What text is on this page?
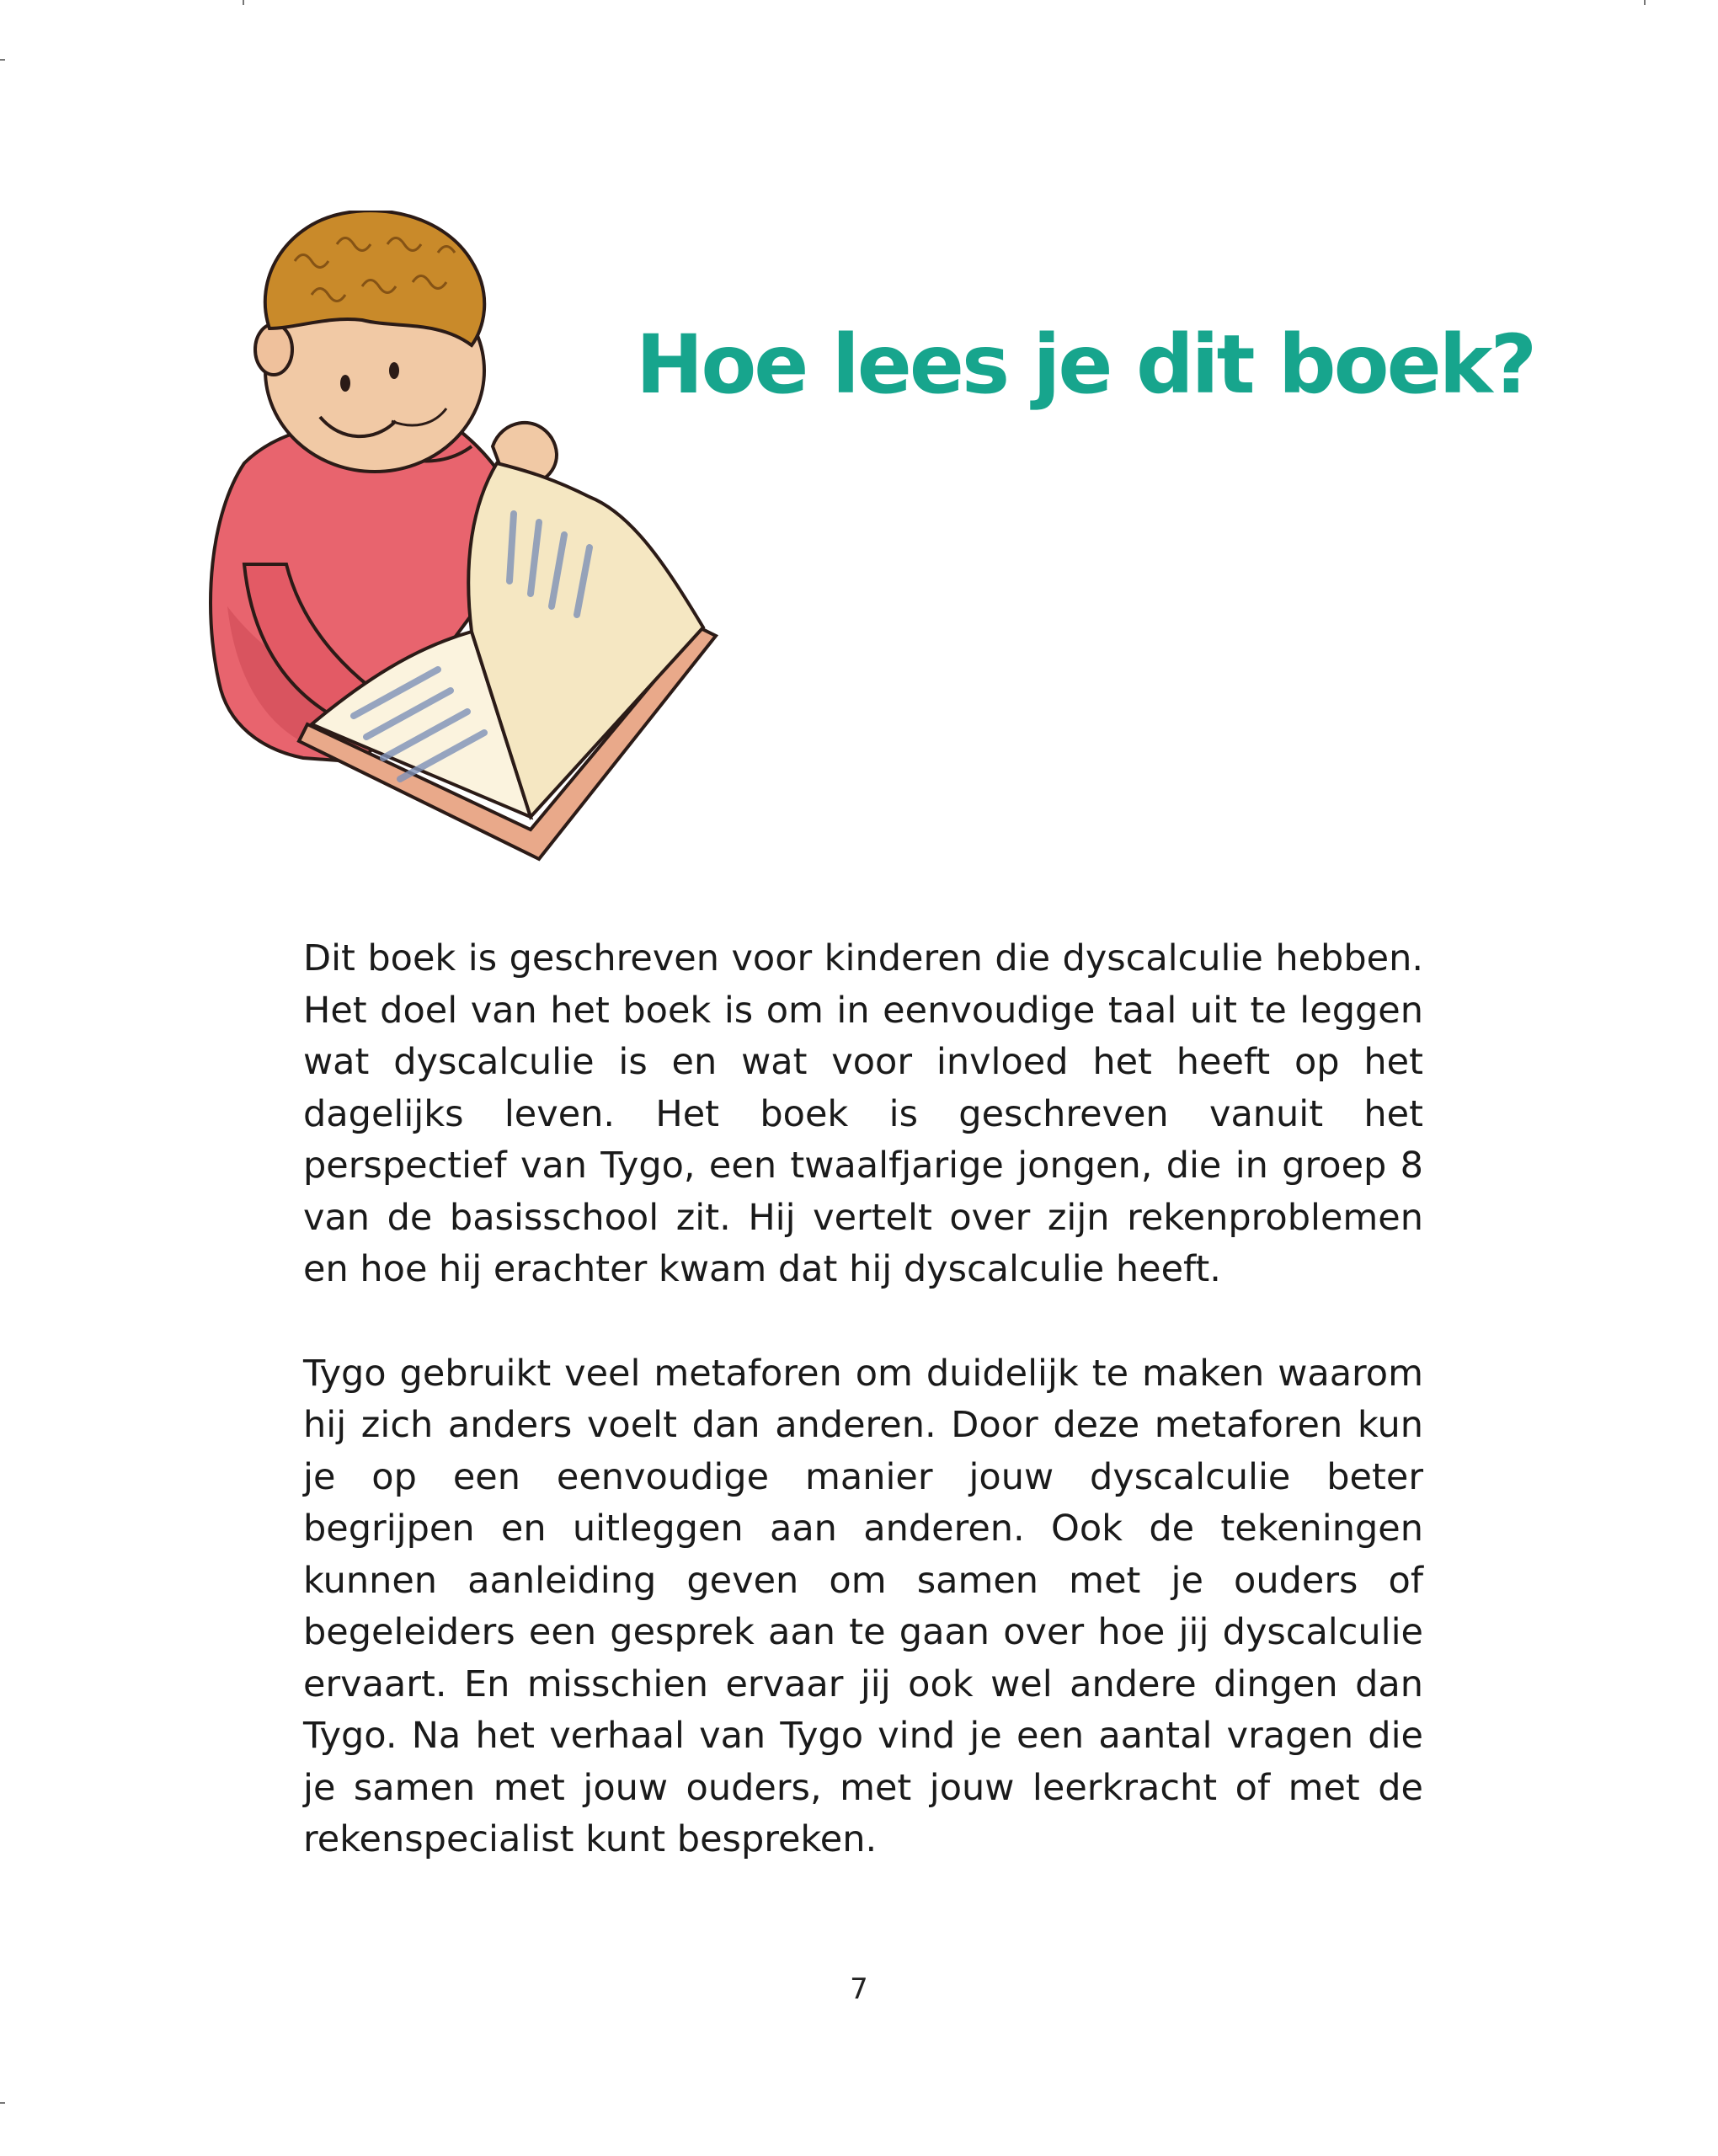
Hoe lees je dit boek?

Dit boek is geschreven voor kinderen die dyscalculie hebben. Het doel van het boek is om in eenvoudige taal uit te leggen wat dyscalculie is en wat voor invloed het heeft op het dagelijks leven. Het boek is geschreven vanuit het perspectief van Tygo, een twaalfjarige jongen, die in groep 8 van de basisschool zit. Hij vertelt over zijn rekenproblemen en hoe hij erachter kwam dat hij dyscalculie heeft.

Tygo gebruikt veel metaforen om duidelijk te maken waarom hij zich anders voelt dan anderen. Door deze metaforen kun je op een eenvoudige manier jouw dyscalculie beter begrijpen en uitleggen aan anderen. Ook de tekeningen kunnen aanleiding geven om samen met je ouders of begeleiders een gesprek aan te gaan over hoe jij dyscalculie ervaart. En misschien ervaar jij ook wel andere dingen dan Tygo. Na het verhaal van Tygo vind je een aantal vragen die je samen met jouw ouders, met jouw leerkracht of met de rekenspecialist kunt bespreken.

7
